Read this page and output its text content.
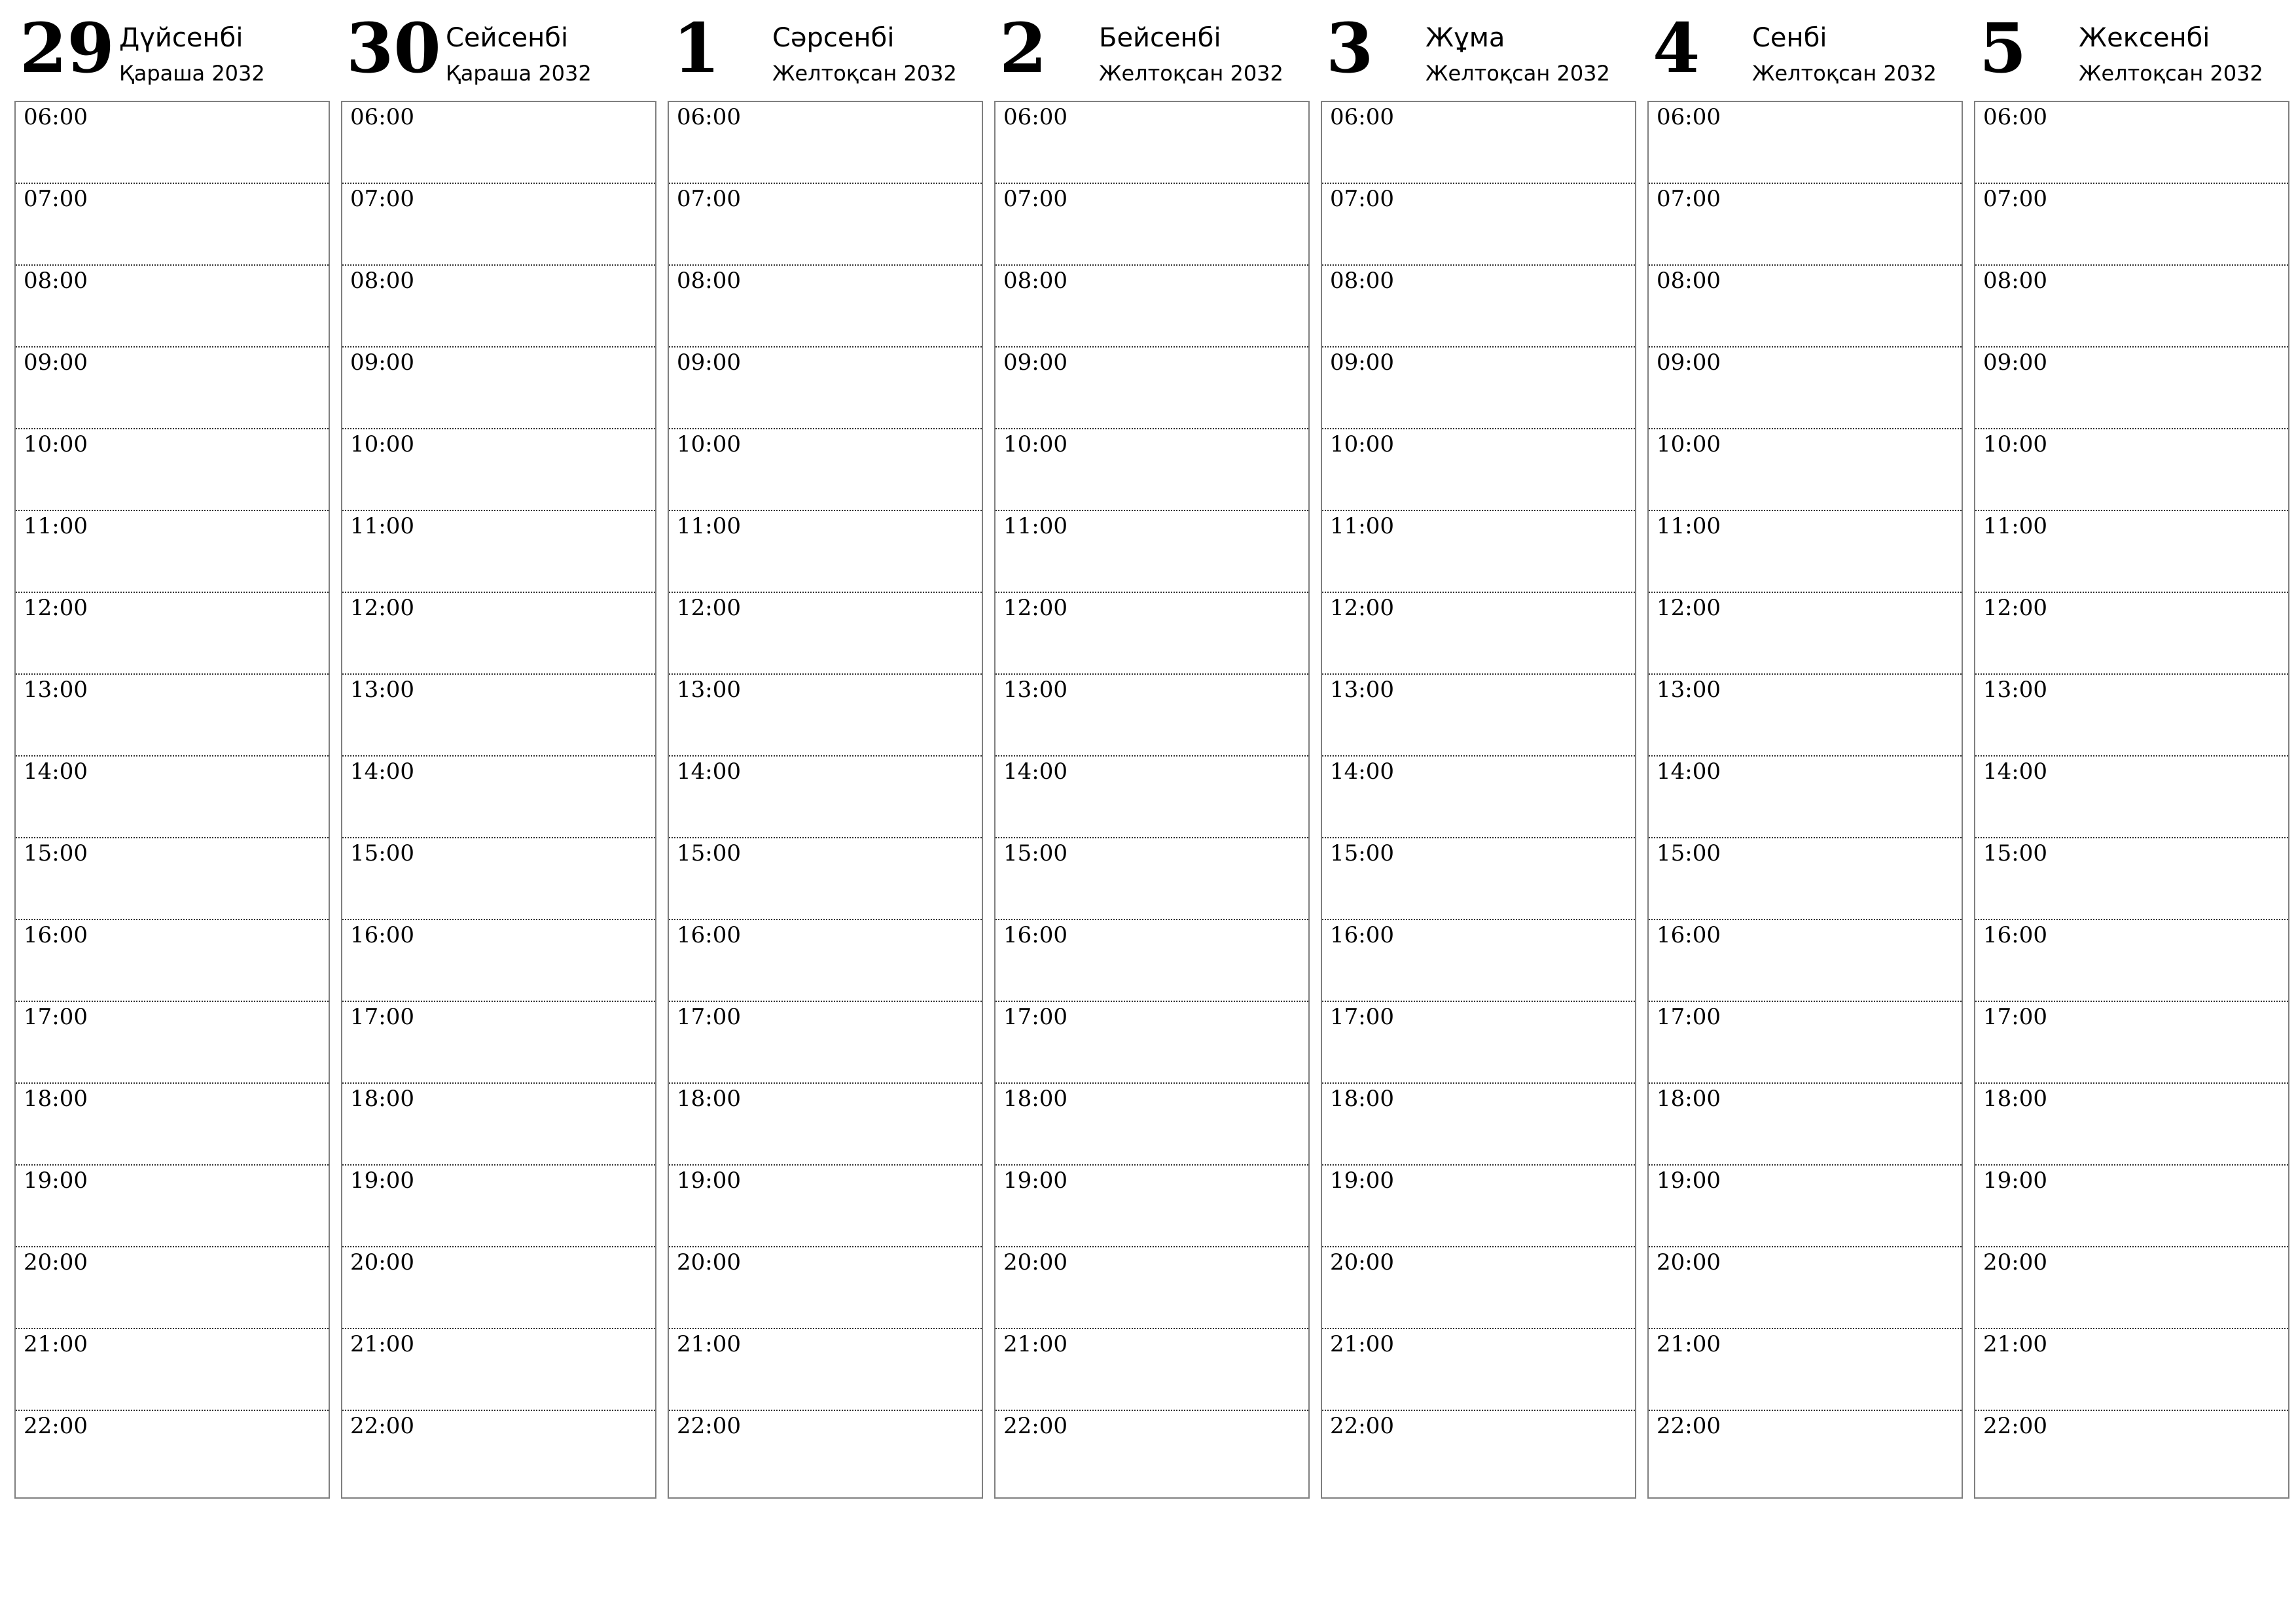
29 Дүйсенбі
Қараша 2032
06:00
07:00
08:00
09:00
10:00
11:00
12:00
13:00
14:00
15:00
16:00
17:00
18:00
19:00
20:00
21:00
22:00
30 Сейсенбі
Қараша 2032
06:00
07:00
08:00
09:00
10:00
11:00
12:00
13:00
14:00
15:00
16:00
17:00
18:00
19:00
20:00
21:00
22:00
1 Сәрсенбі
Желтоқсан 2032
06:00
07:00
08:00
09:00
10:00
11:00
12:00
13:00
14:00
15:00
16:00
17:00
18:00
19:00
20:00
21:00
22:00
2 Бейсенбі
Желтоқсан 2032
06:00
07:00
08:00
09:00
10:00
11:00
12:00
13:00
14:00
15:00
16:00
17:00
18:00
19:00
20:00
21:00
22:00
3 Жұма
Желтоқсан 2032
06:00
07:00
08:00
09:00
10:00
11:00
12:00
13:00
14:00
15:00
16:00
17:00
18:00
19:00
20:00
21:00
22:00
4 Сенбі
Желтоқсан 2032
06:00
07:00
08:00
09:00
10:00
11:00
12:00
13:00
14:00
15:00
16:00
17:00
18:00
19:00
20:00
21:00
22:00
5 Жексенбі
Желтоқсан 2032
06:00
07:00
08:00
09:00
10:00
11:00
12:00
13:00
14:00
15:00
16:00
17:00
18:00
19:00
20:00
21:00
22:00
